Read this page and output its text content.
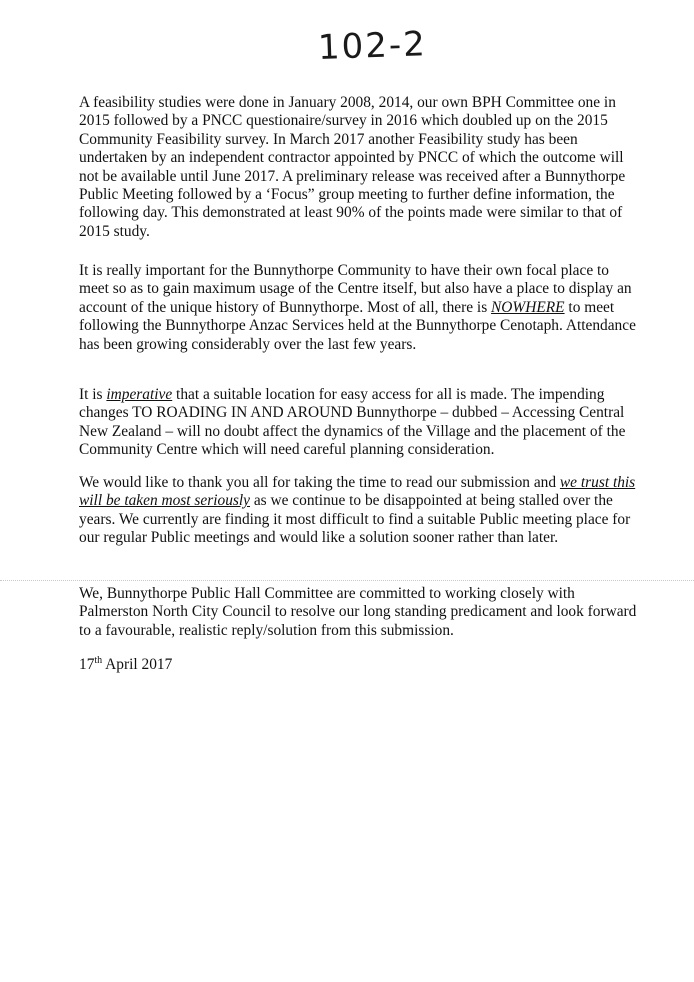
102-2

A feasibility studies were done in January 2008, 2014, our own BPH Committee one in 2015 followed by a PNCC questionaire/survey in 2016 which doubled up on the 2015 Community Feasibility survey. In March 2017 another Feasibility study has been undertaken by an independent contractor appointed by PNCC of which the outcome will not be available until June 2017. A preliminary release was received after a Bunnythorpe Public Meeting followed by a ‘Focus” group meeting to further define information, the following day. This demonstrated at least 90% of the points made were similar to that of 2015 study.

It is really important for the Bunnythorpe Community to have their own focal place to meet so as to gain maximum usage of the Centre itself, but also have a place to display an account of the unique history of Bunnythorpe. Most of all, there is NOWHERE to meet following the Bunnythorpe Anzac Services held at the Bunnythorpe Cenotaph. Attendance has been growing considerably over the last few years.

It is imperative that a suitable location for easy access for all is made. The impending changes TO ROADING IN AND AROUND Bunnythorpe – dubbed – Accessing Central New Zealand – will no doubt affect the dynamics of the Village and the placement of the Community Centre which will need careful planning consideration.

We would like to thank you all for taking the time to read our submission and we trust this will be taken most seriously as we continue to be disappointed at being stalled over the years. We currently are finding it most difficult to find a suitable Public meeting place for our regular Public meetings and would like a solution sooner rather than later.

We, Bunnythorpe Public Hall Committee are committed to working closely with Palmerston North City Council to resolve our long standing predicament and look forward to a favourable, realistic reply/solution from this submission.

17th April 2017
